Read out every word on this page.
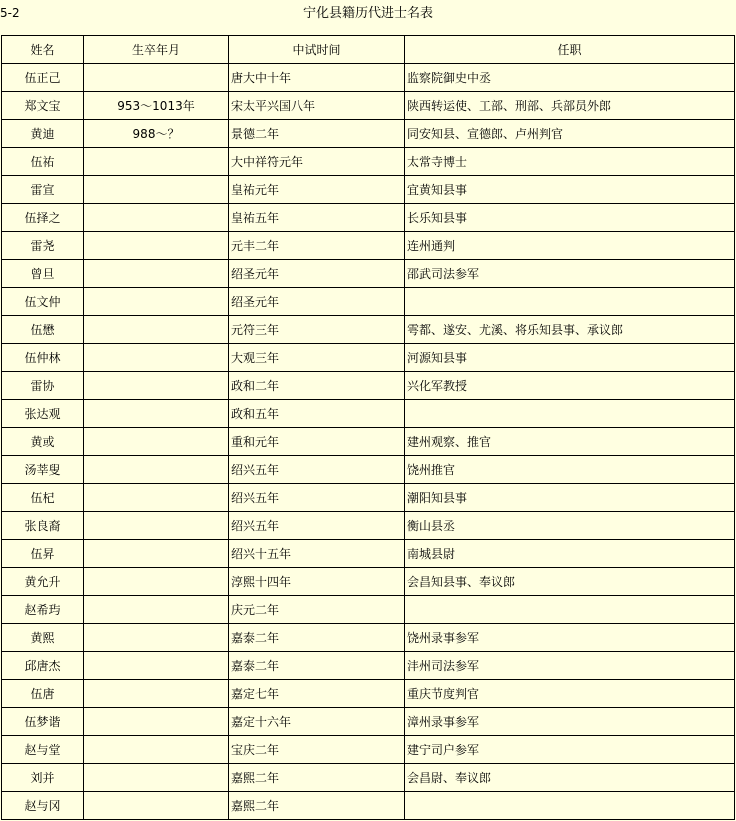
5-2	宁化县籍历代进士名表
姓名	生卒年月	中试时间	任职
伍正己		唐大中十年	监察院御史中丞
郑文宝	953～1013年	宋太平兴国八年	陕西转运使、工部、刑部、兵部员外郎
黄迪	988～？	景德二年	同安知县、宣德郎、卢州判官
伍祐		大中祥符元年	太常寺博士
雷宣		皇祐元年	宜黄知县事
伍择之		皇祐五年	长乐知县事
雷尧		元丰二年	连州通判
曾旦		绍圣元年	邵武司法参军
伍文仲		绍圣元年	
伍懋		元符三年	雩都、遂安、尤溪、将乐知县事、承议郎
伍仲林		大观三年	河源知县事
雷协		政和二年	兴化军教授
张达观		政和五年	
黄或		重和元年	建州观察、推官
汤莘叟		绍兴五年	饶州推官
伍杞		绍兴五年	潮阳知县事
张良裔		绍兴五年	衡山县丞
伍昇		绍兴十五年	南城县尉
黄允升		淳熙十四年	会昌知县事、奉议郎
赵希玙		庆元二年	
黄熙		嘉泰二年	饶州录事参军
邱唐杰		嘉泰二年	沣州司法参军
伍唐		嘉定七年	重庆节度判官
伍梦谐		嘉定十六年	漳州录事参军
赵与堂		宝庆二年	建宁司户参军
刘并		嘉熙二年	会昌尉、奉议郎
赵与冈		嘉熙二年	
